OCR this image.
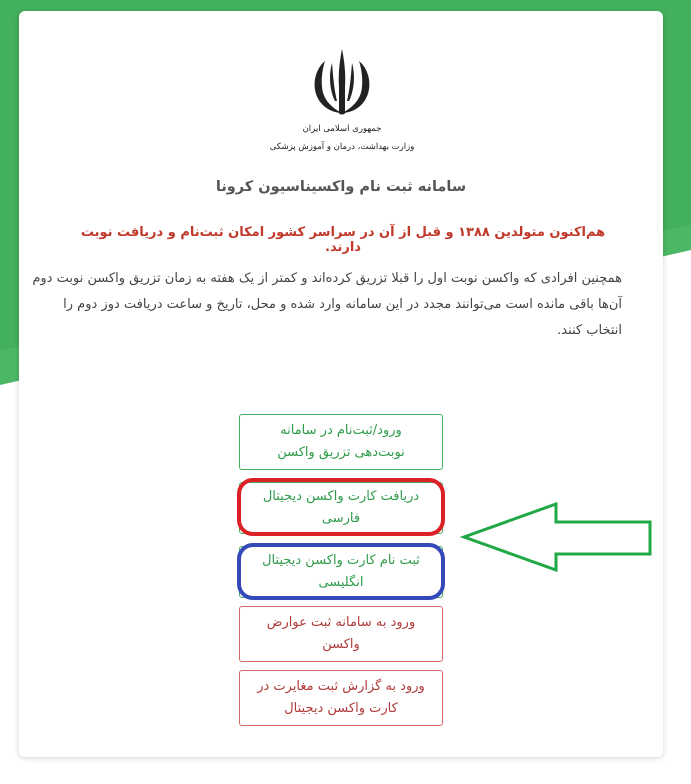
جمهوری اسلامی ایران
وزارت بهداشت، درمان و آموزش پزشکی
سامانه ثبت نام واکسیناسیون کرونا
هم‌اکنون متولدین ۱۳۸۸ و قبل از آن در سراسر کشور امکان ثبت‌نام و دریافت نوبت دارند.
همچنین افرادی که واکسن نوبت اول را قبلا تزریق کرده‌اند و کمتر از یک هفته به زمان تزریق واکسن نوبت دوم آن‌ها باقی مانده است می‌توانند مجدد در این سامانه وارد شده و محل، تاریخ و ساعت دریافت دوز دوم را انتخاب کنند.
ورود/ثبت‌نام در سامانه نوبت‌دهی تزریق واکسن
دریافت کارت واکسن دیجیتال فارسی
ثبت نام کارت واکسن دیجیتال انگلیسی
ورود به سامانه ثبت عوارض واکسن
ورود به گزارش ثبت مغایرت در کارت واکسن دیجیتال
